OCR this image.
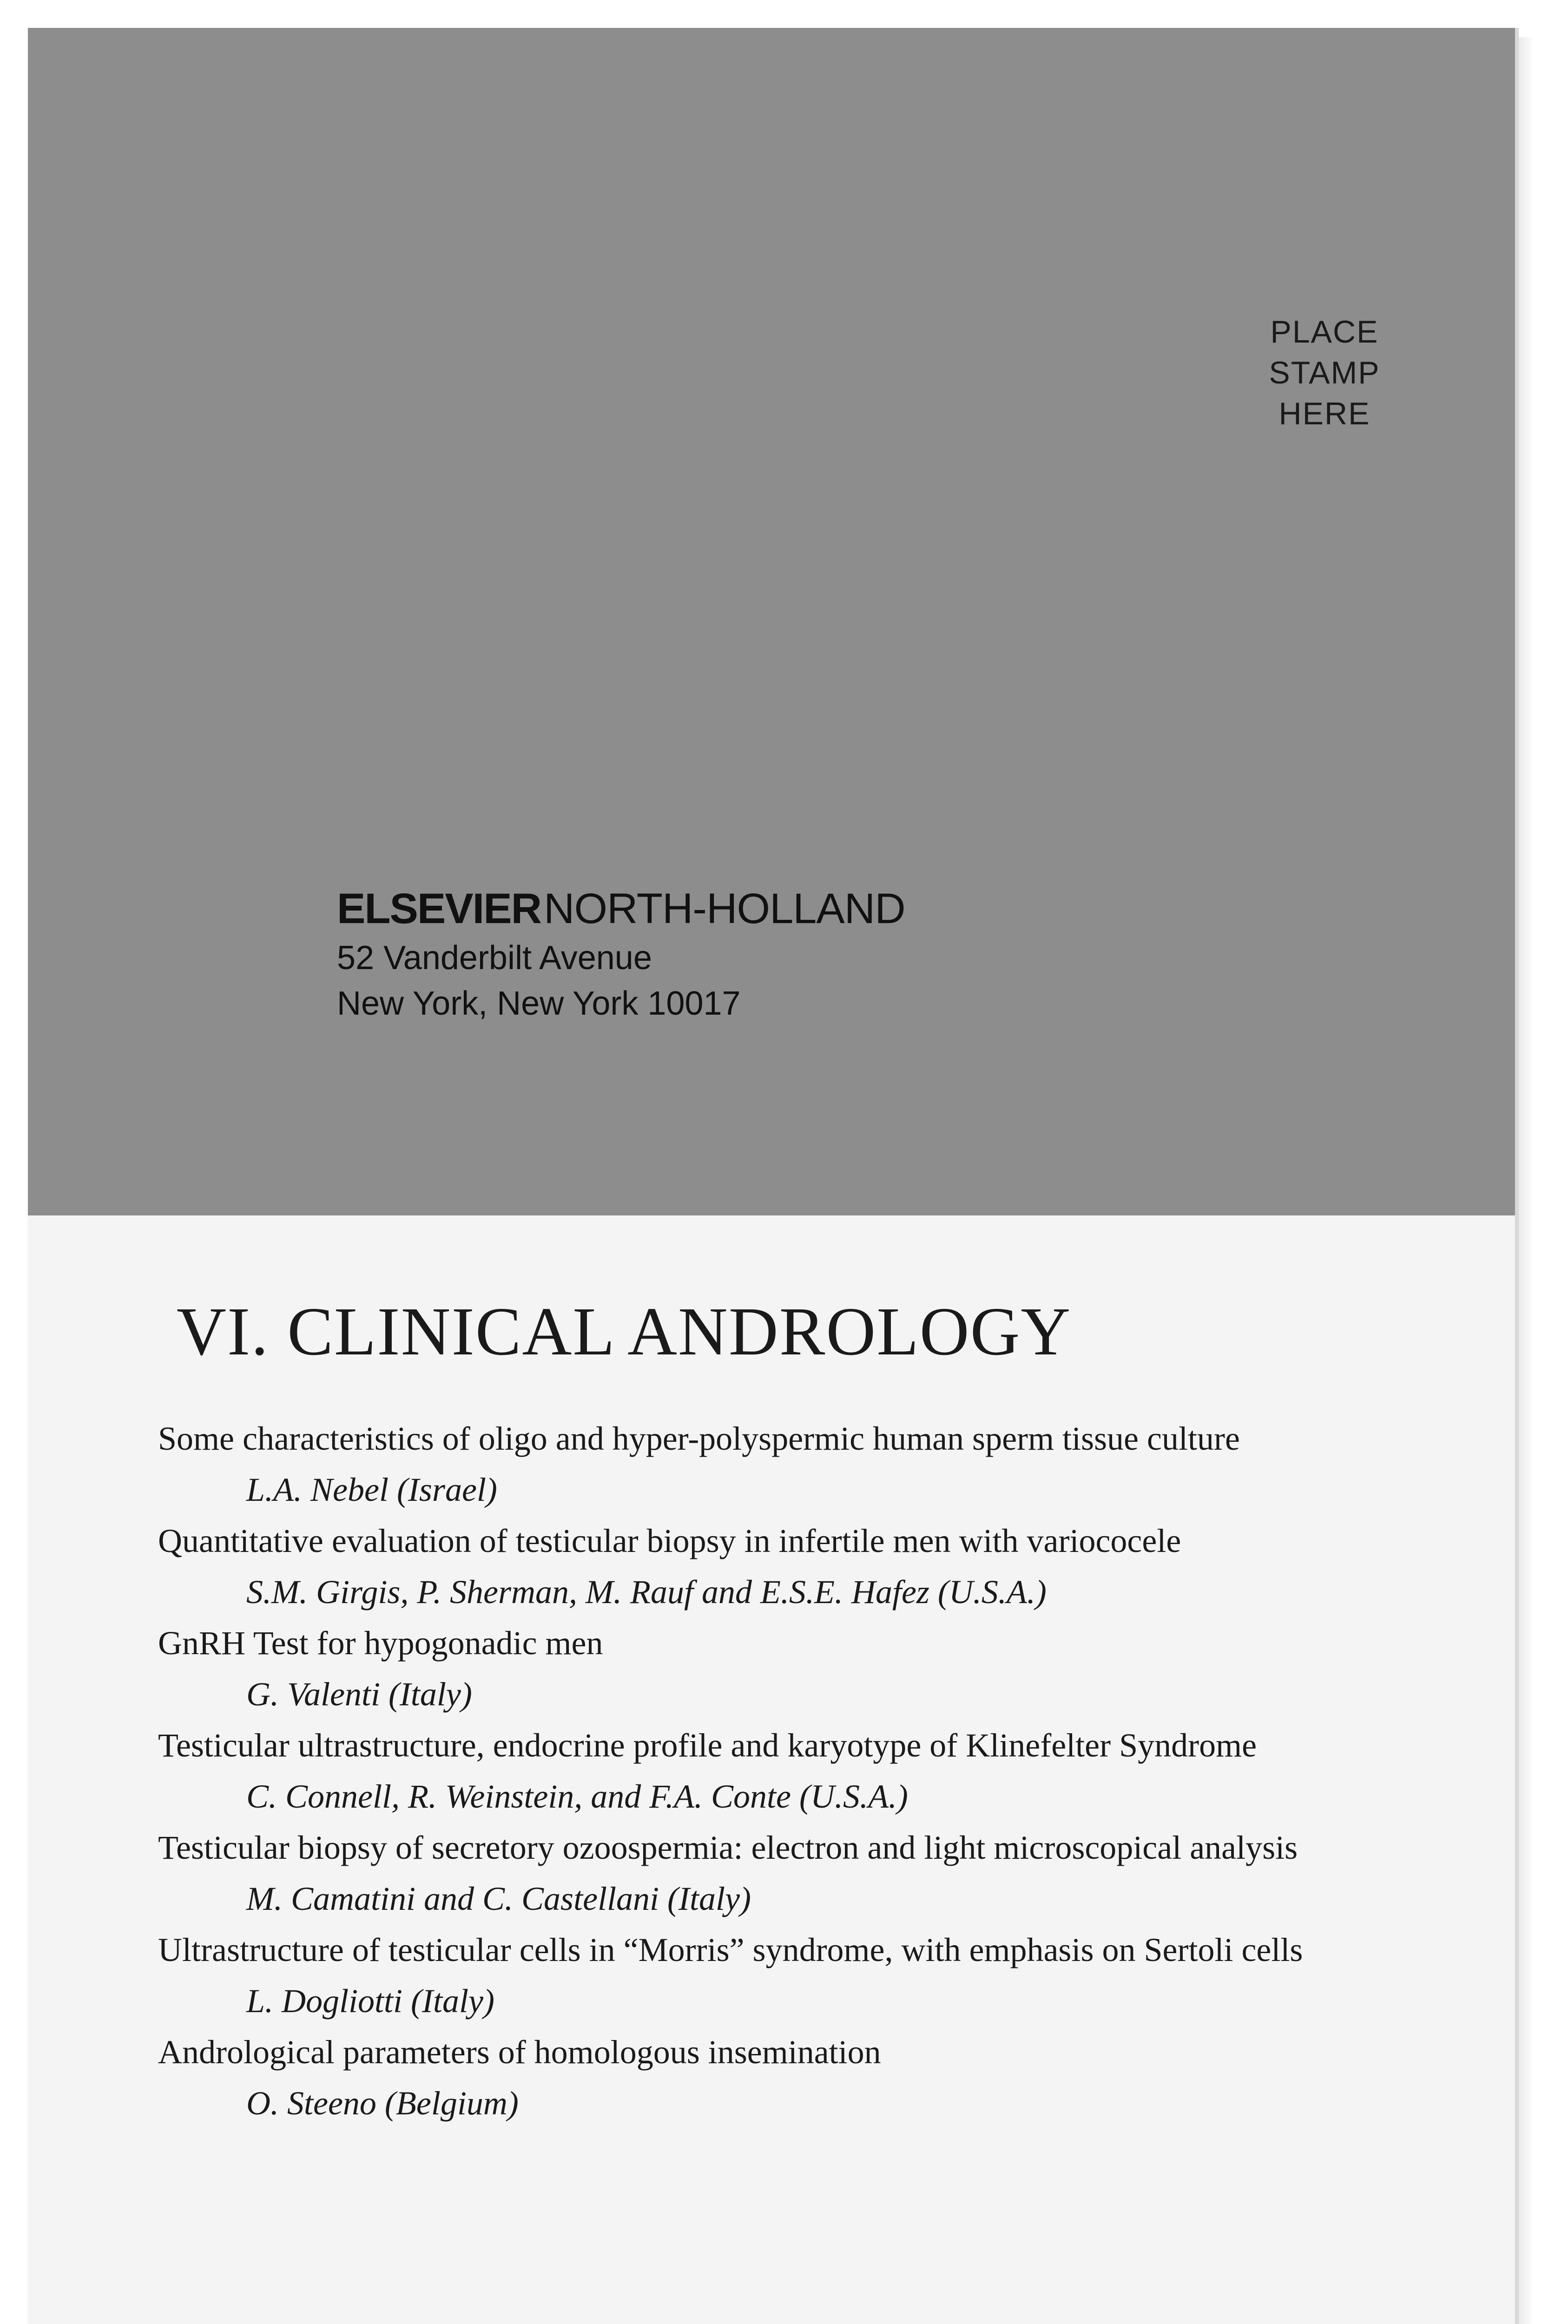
PLACE
STAMP
HERE
ELSEVIERNORTH-HOLLAND
52 Vanderbilt Avenue
New York, New York 10017
VI. CLINICAL ANDROLOGY

Some characteristics of oligo and hyper-polyspermic human sperm tissue culture

L.A. Nebel (Israel)

Quantitative evaluation of testicular biopsy in infertile men with variococele

S.M. Girgis, P. Sherman, M. Rauf and E.S.E. Hafez (U.S.A.)

GnRH Test for hypogonadic men

G. Valenti (Italy)

Testicular ultrastructure, endocrine profile and karyotype of Klinefelter Syndrome

C. Connell, R. Weinstein, and F.A. Conte (U.S.A.)

Testicular biopsy of secretory ozoospermia: electron and light microscopical analysis

M. Camatini and C. Castellani (Italy)

Ultrastructure of testicular cells in “Morris” syndrome, with emphasis on Sertoli cells

L. Dogliotti (Italy)

Andrological parameters of homologous insemination

O. Steeno (Belgium)
